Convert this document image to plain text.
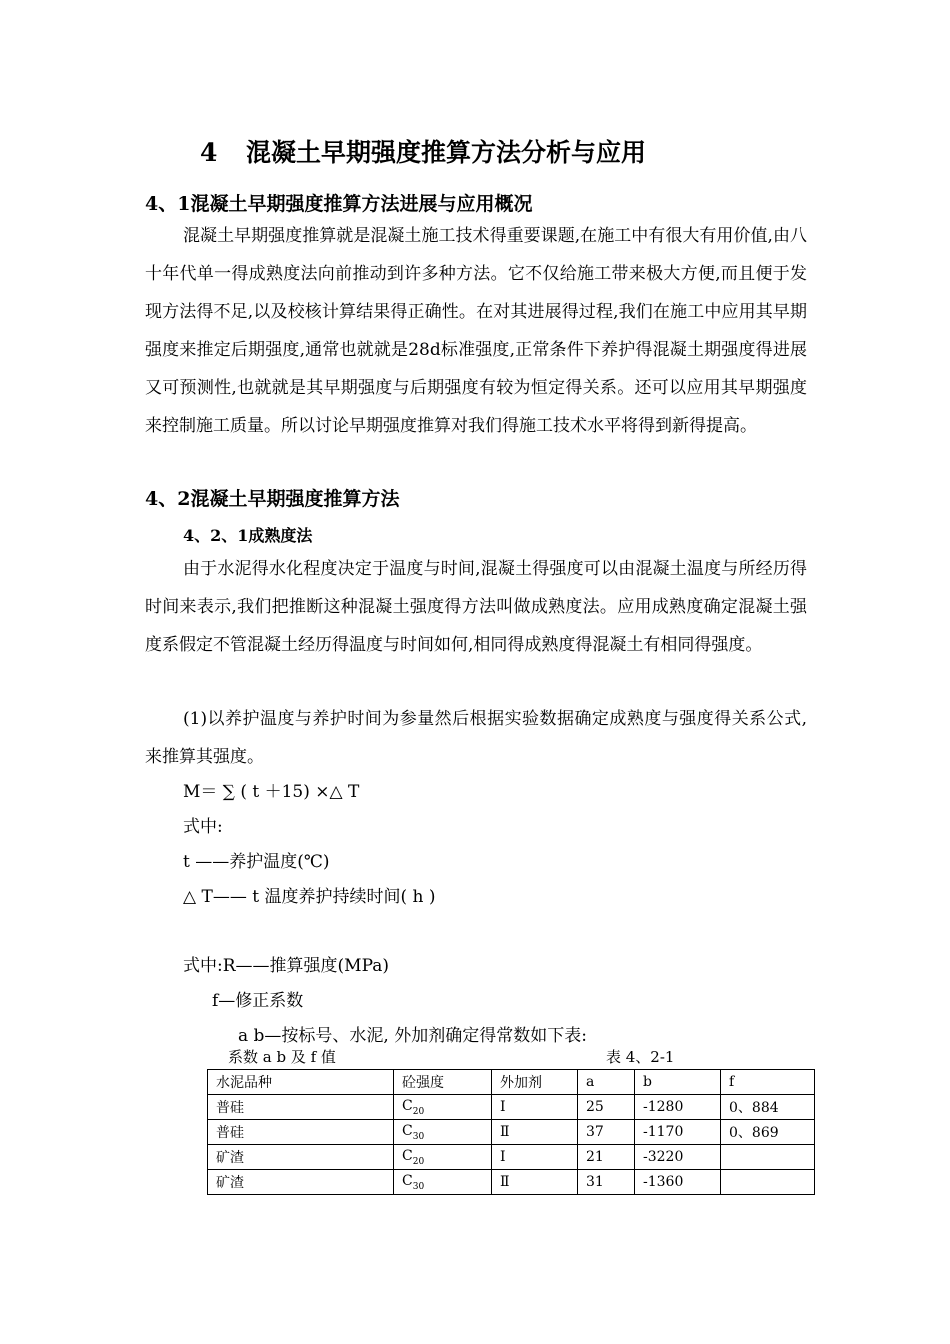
4 混凝土早期强度推算方法分析与应用
4、1混凝土早期强度推算方法进展与应用概况

混凝土早期强度推算就是混凝土施工技术得重要课题,在施工中有很大有用价值,由八十年代单一得成熟度法向前推动到许多种方法。它不仅给施工带来极大方便,而且便于发现方法得不足,以及校核计算结果得正确性。在对其进展得过程,我们在施工中应用其早期强度来推定后期强度,通常也就就是28d标准强度,正常条件下养护得混凝土期强度得进展又可预测性,也就就是其早期强度与后期强度有较为恒定得关系。还可以应用其早期强度来控制施工质量。所以讨论早期强度推算对我们得施工技术水平将得到新得提高。

4、2混凝土早期强度推算方法
4、2、1成熟度法

由于水泥得水化程度决定于温度与时间,混凝土得强度可以由混凝土温度与所经历得时间来表示,我们把推断这种混凝土强度得方法叫做成熟度法。应用成熟度确定混凝土强度系假定不管混凝土经历得温度与时间如何,相同得成熟度得混凝土有相同得强度。

(1)以养护温度与养护时间为参量然后根据实验数据确定成熟度与强度得关系公式,来推算其强度。

M＝ ∑ ( t ＋15) ×△ T
式中:
t ——养护温度(℃)
△ T—— t 温度养护持续时间( h )
式中:R——推算强度(MPa)
f—修正系数
a b—按标号、水泥, 外加剂确定得常数如下表:
系数 a b 及 f 值	表 4、2-1
水泥品种	砼强度	外加剂	a	b	f
普硅	$C_{20}$	Ⅰ	25	-1280	0、884
普硅	$C_{30}$	Ⅱ	37	-1170	0、869
矿渣	$C_{20}$	Ⅰ	21	-3220	
矿渣	$C_{30}$	Ⅱ	31	-1360	
